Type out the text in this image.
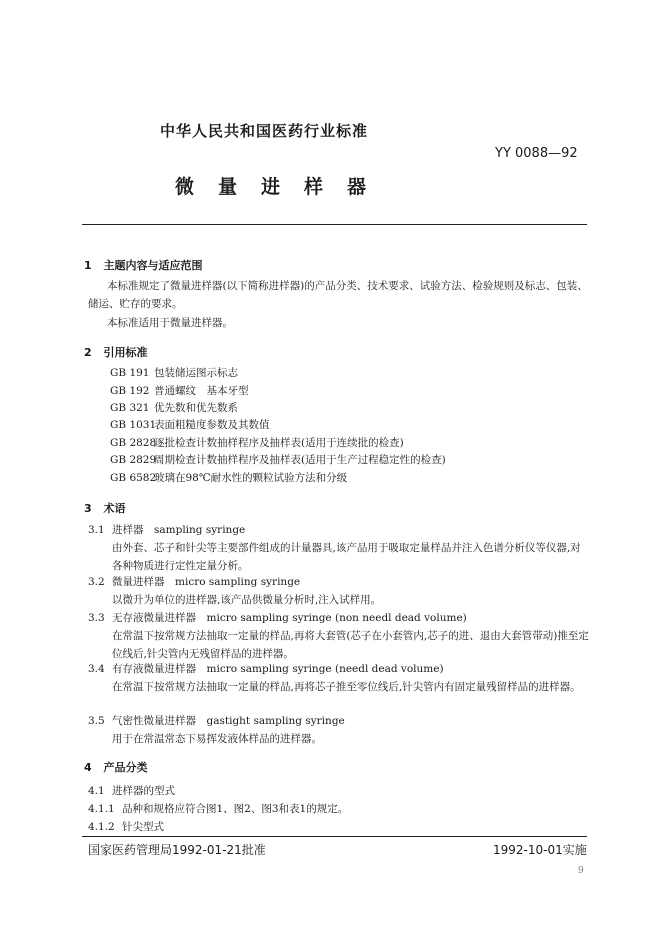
中华人民共和国医药行业标准
YY 0088—92
微量进样器
1 主题内容与适应范围
本标准规定了微量进样器(以下简称进样器)的产品分类、技术要求、试验方法、检验规则及标志、包装、储运、贮存的要求。
本标准适用于微量进样器。
2 引用标准
GB 191 包装储运图示标志
GB 192 普通螺纹　基本牙型
GB 321 优先数和优先数系
GB 1031表面粗糙度参数及其数值
GB 2828逐批检查计数抽样程序及抽样表(适用于连续批的检查)
GB 2829周期检查计数抽样程序及抽样表(适用于生产过程稳定性的检查)
GB 6582玻璃在98℃耐水性的颗粒试验方法和分级
3 术语
3.1 进样器　sampling syringe
由外套、芯子和针尖等主要部件组成的计量器具,该产品用于吸取定量样品并注入色谱分析仪等仪器,对各种物质进行定性定量分析。
3.2 微量进样器　micro sampling syringe
以微升为单位的进样器,该产品供微量分析时,注入试样用。
3.3 无存液微量进样器　micro sampling syringe (non needl dead volume)
在常温下按常规方法抽取一定量的样品,再将大套管(芯子在小套管内,芯子的进、退由大套管带动)推至定位线后,针尖管内无残留样品的进样器。
3.4 有存液微量进样器　micro sampling syringe (needl dead volume)
在常温下按常规方法抽取一定量的样品,再将芯子推至零位线后,针尖管内有固定量残留样品的进样器。
3.5 气密性微量进样器　gastight sampling syringe
用于在常温常态下易挥发液体样品的进样器。
4 产品分类
4.1 进样器的型式
4.1.1 品种和规格应符合图1、图2、图3和表1的规定。
4.1.2 针尖型式
国家医药管理局1992-01-21批准	1992-10-01实施
9
